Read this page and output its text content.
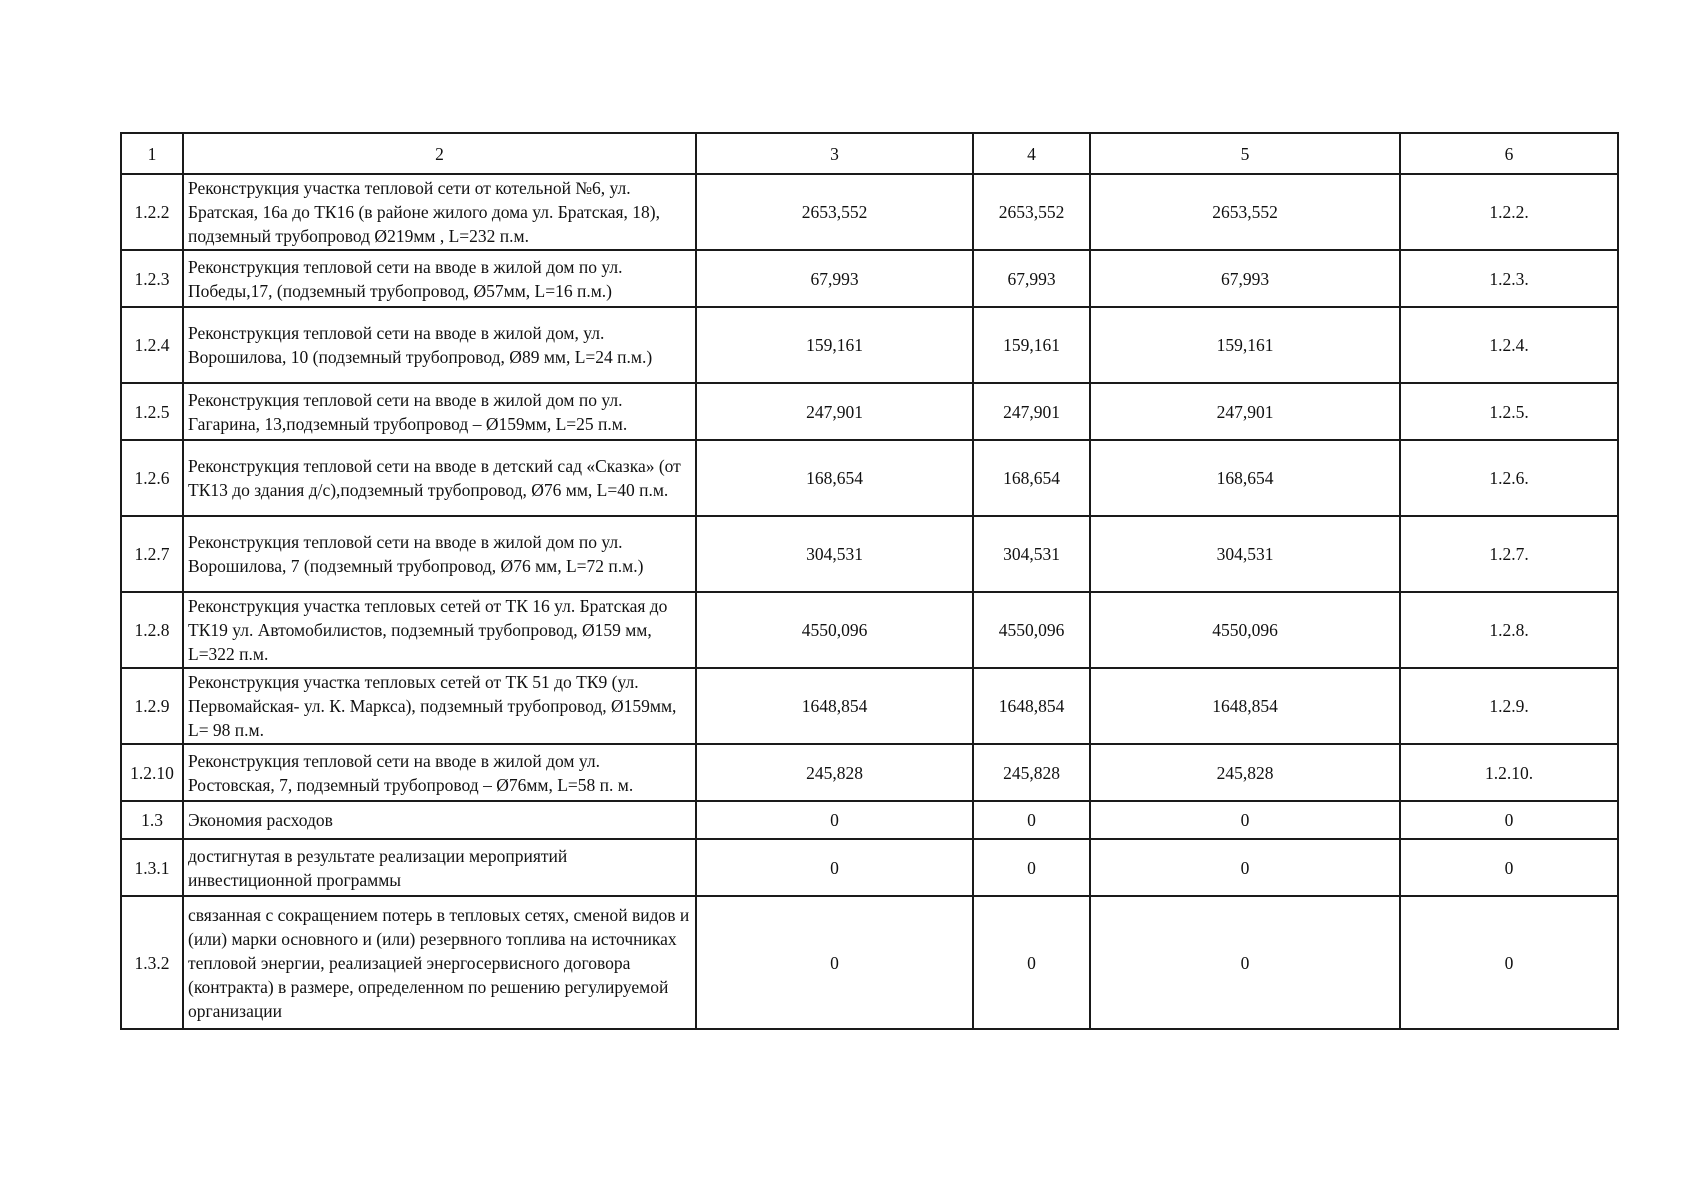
1	2	3	4	5	6
1.2.2	Реконструкция участка тепловой сети от котельной №6, ул. Братская, 16а до ТК16 (в районе жилого дома ул. Братская, 18), подземный трубопровод Ø219мм , L=232 п.м.	2653,552	2653,552	2653,552	1.2.2.
1.2.3	Реконструкция тепловой сети на вводе в жилой дом по ул. Победы,17, (подземный трубопровод, Ø57мм, L=16 п.м.)	67,993	67,993	67,993	1.2.3.
1.2.4	Реконструкция тепловой сети на вводе в жилой дом, ул. Ворошилова, 10 (подземный трубопровод, Ø89 мм, L=24 п.м.)	159,161	159,161	159,161	1.2.4.
1.2.5	Реконструкция тепловой сети на вводе в жилой дом по ул. Гагарина, 13,подземный трубопровод – Ø159мм, L=25 п.м.	247,901	247,901	247,901	1.2.5.
1.2.6	Реконструкция тепловой сети на вводе в детский сад «Сказка» (от ТК13 до здания д/с),подземный трубопровод, Ø76 мм, L=40 п.м.	168,654	168,654	168,654	1.2.6.
1.2.7	Реконструкция тепловой сети на вводе в жилой дом по ул. Ворошилова, 7 (подземный трубопровод, Ø76 мм, L=72 п.м.)	304,531	304,531	304,531	1.2.7.
1.2.8	Реконструкция участка тепловых сетей от ТК 16 ул. Братская до ТК19 ул. Автомобилистов, подземный трубопровод, Ø159 мм, L=322 п.м.	4550,096	4550,096	4550,096	1.2.8.
1.2.9	Реконструкция участка тепловых сетей от ТК 51 до ТК9 (ул. Первомайская- ул. К. Маркса), подземный трубопровод, Ø159мм, L= 98 п.м.	1648,854	1648,854	1648,854	1.2.9.
1.2.10	Реконструкция тепловой сети на вводе в жилой дом ул. Ростовская, 7, подземный трубопровод – Ø76мм, L=58 п. м.	245,828	245,828	245,828	1.2.10.
1.3	Экономия расходов	0	0	0	0
1.3.1	достигнутая в результате реализации мероприятий инвестиционной программы	0	0	0	0
1.3.2	связанная с сокращением потерь в тепловых сетях, сменой видов и (или) марки основного и (или) резервного топлива на источниках тепловой энергии, реализацией энергосервисного договора (контракта) в размере, определенном по решению регулируемой организации	0	0	0	0
